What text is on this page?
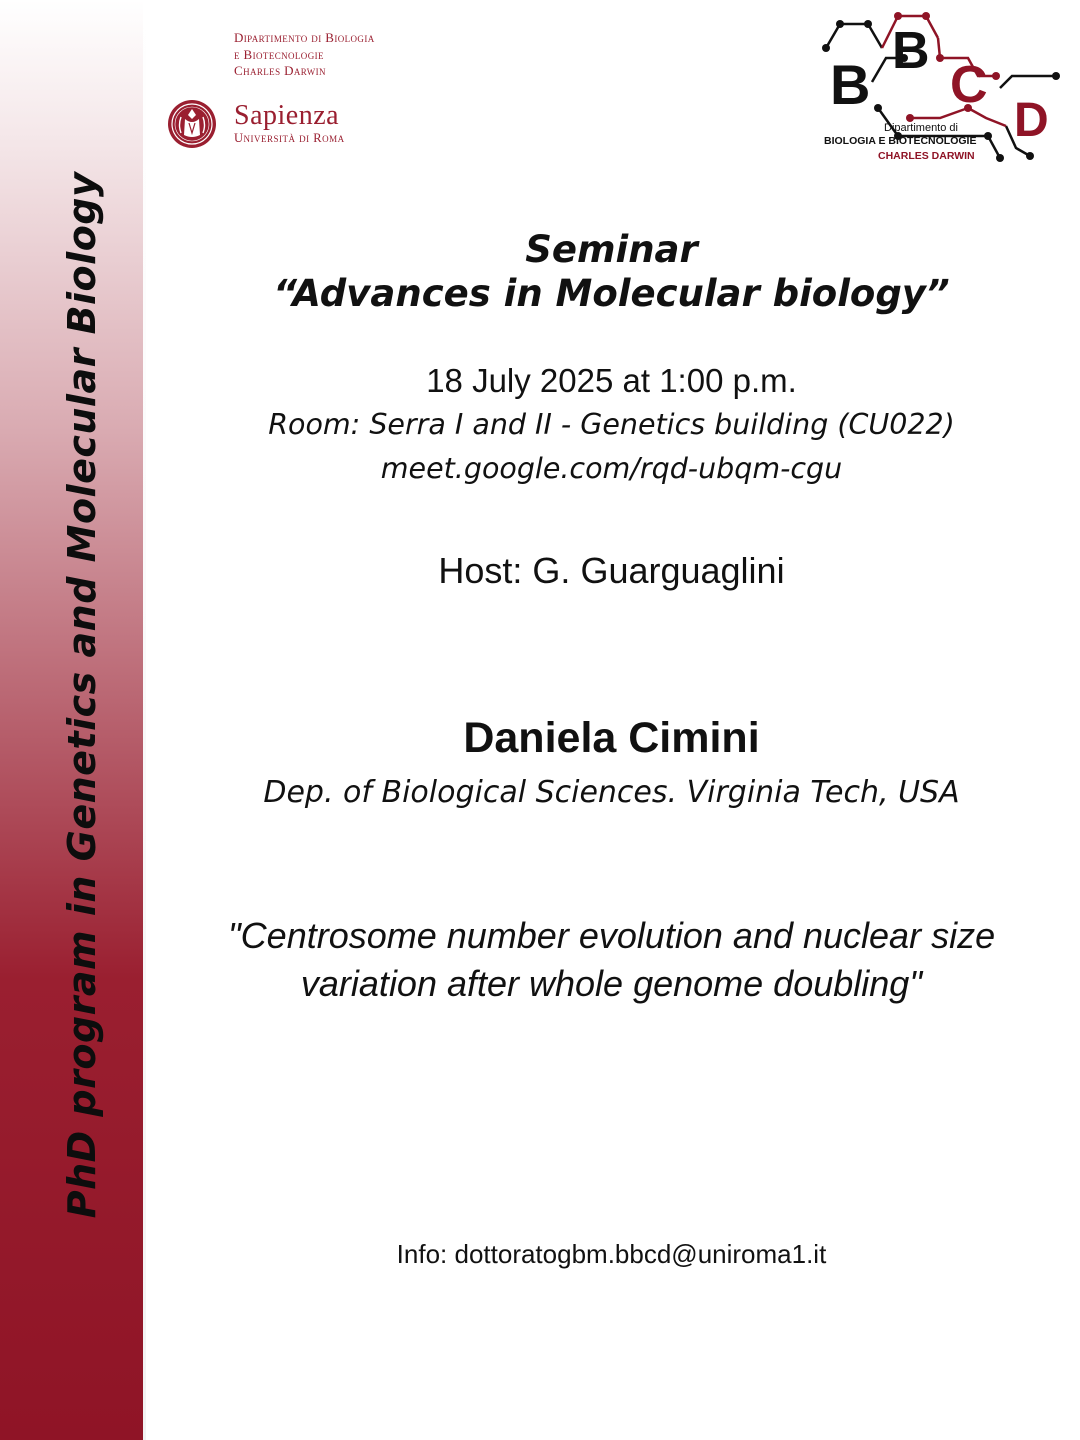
PhD program in Genetics and Molecular Biology
Dipartimento di Biologia
e Biotecnologie
Charles Darwin
Sapienza
Università di Roma
B
B
C
D
Dipartimento di
BIOLOGIA E BIOTECNOLOGIE
CHARLES DARWIN
Seminar
“Advances in Molecular biology”
18 July 2025 at 1:00 p.m.
Room: Serra I and II - Genetics building (CU022)
meet.google.com/rqd-ubqm-cgu
Host: G. Guarguaglini
Daniela Cimini
Dep. of Biological Sciences. Virginia Tech, USA
"Centrosome number evolution and nuclear size
variation after whole genome doubling"
Info: dottoratogbm.bbcd@uniroma1.it
